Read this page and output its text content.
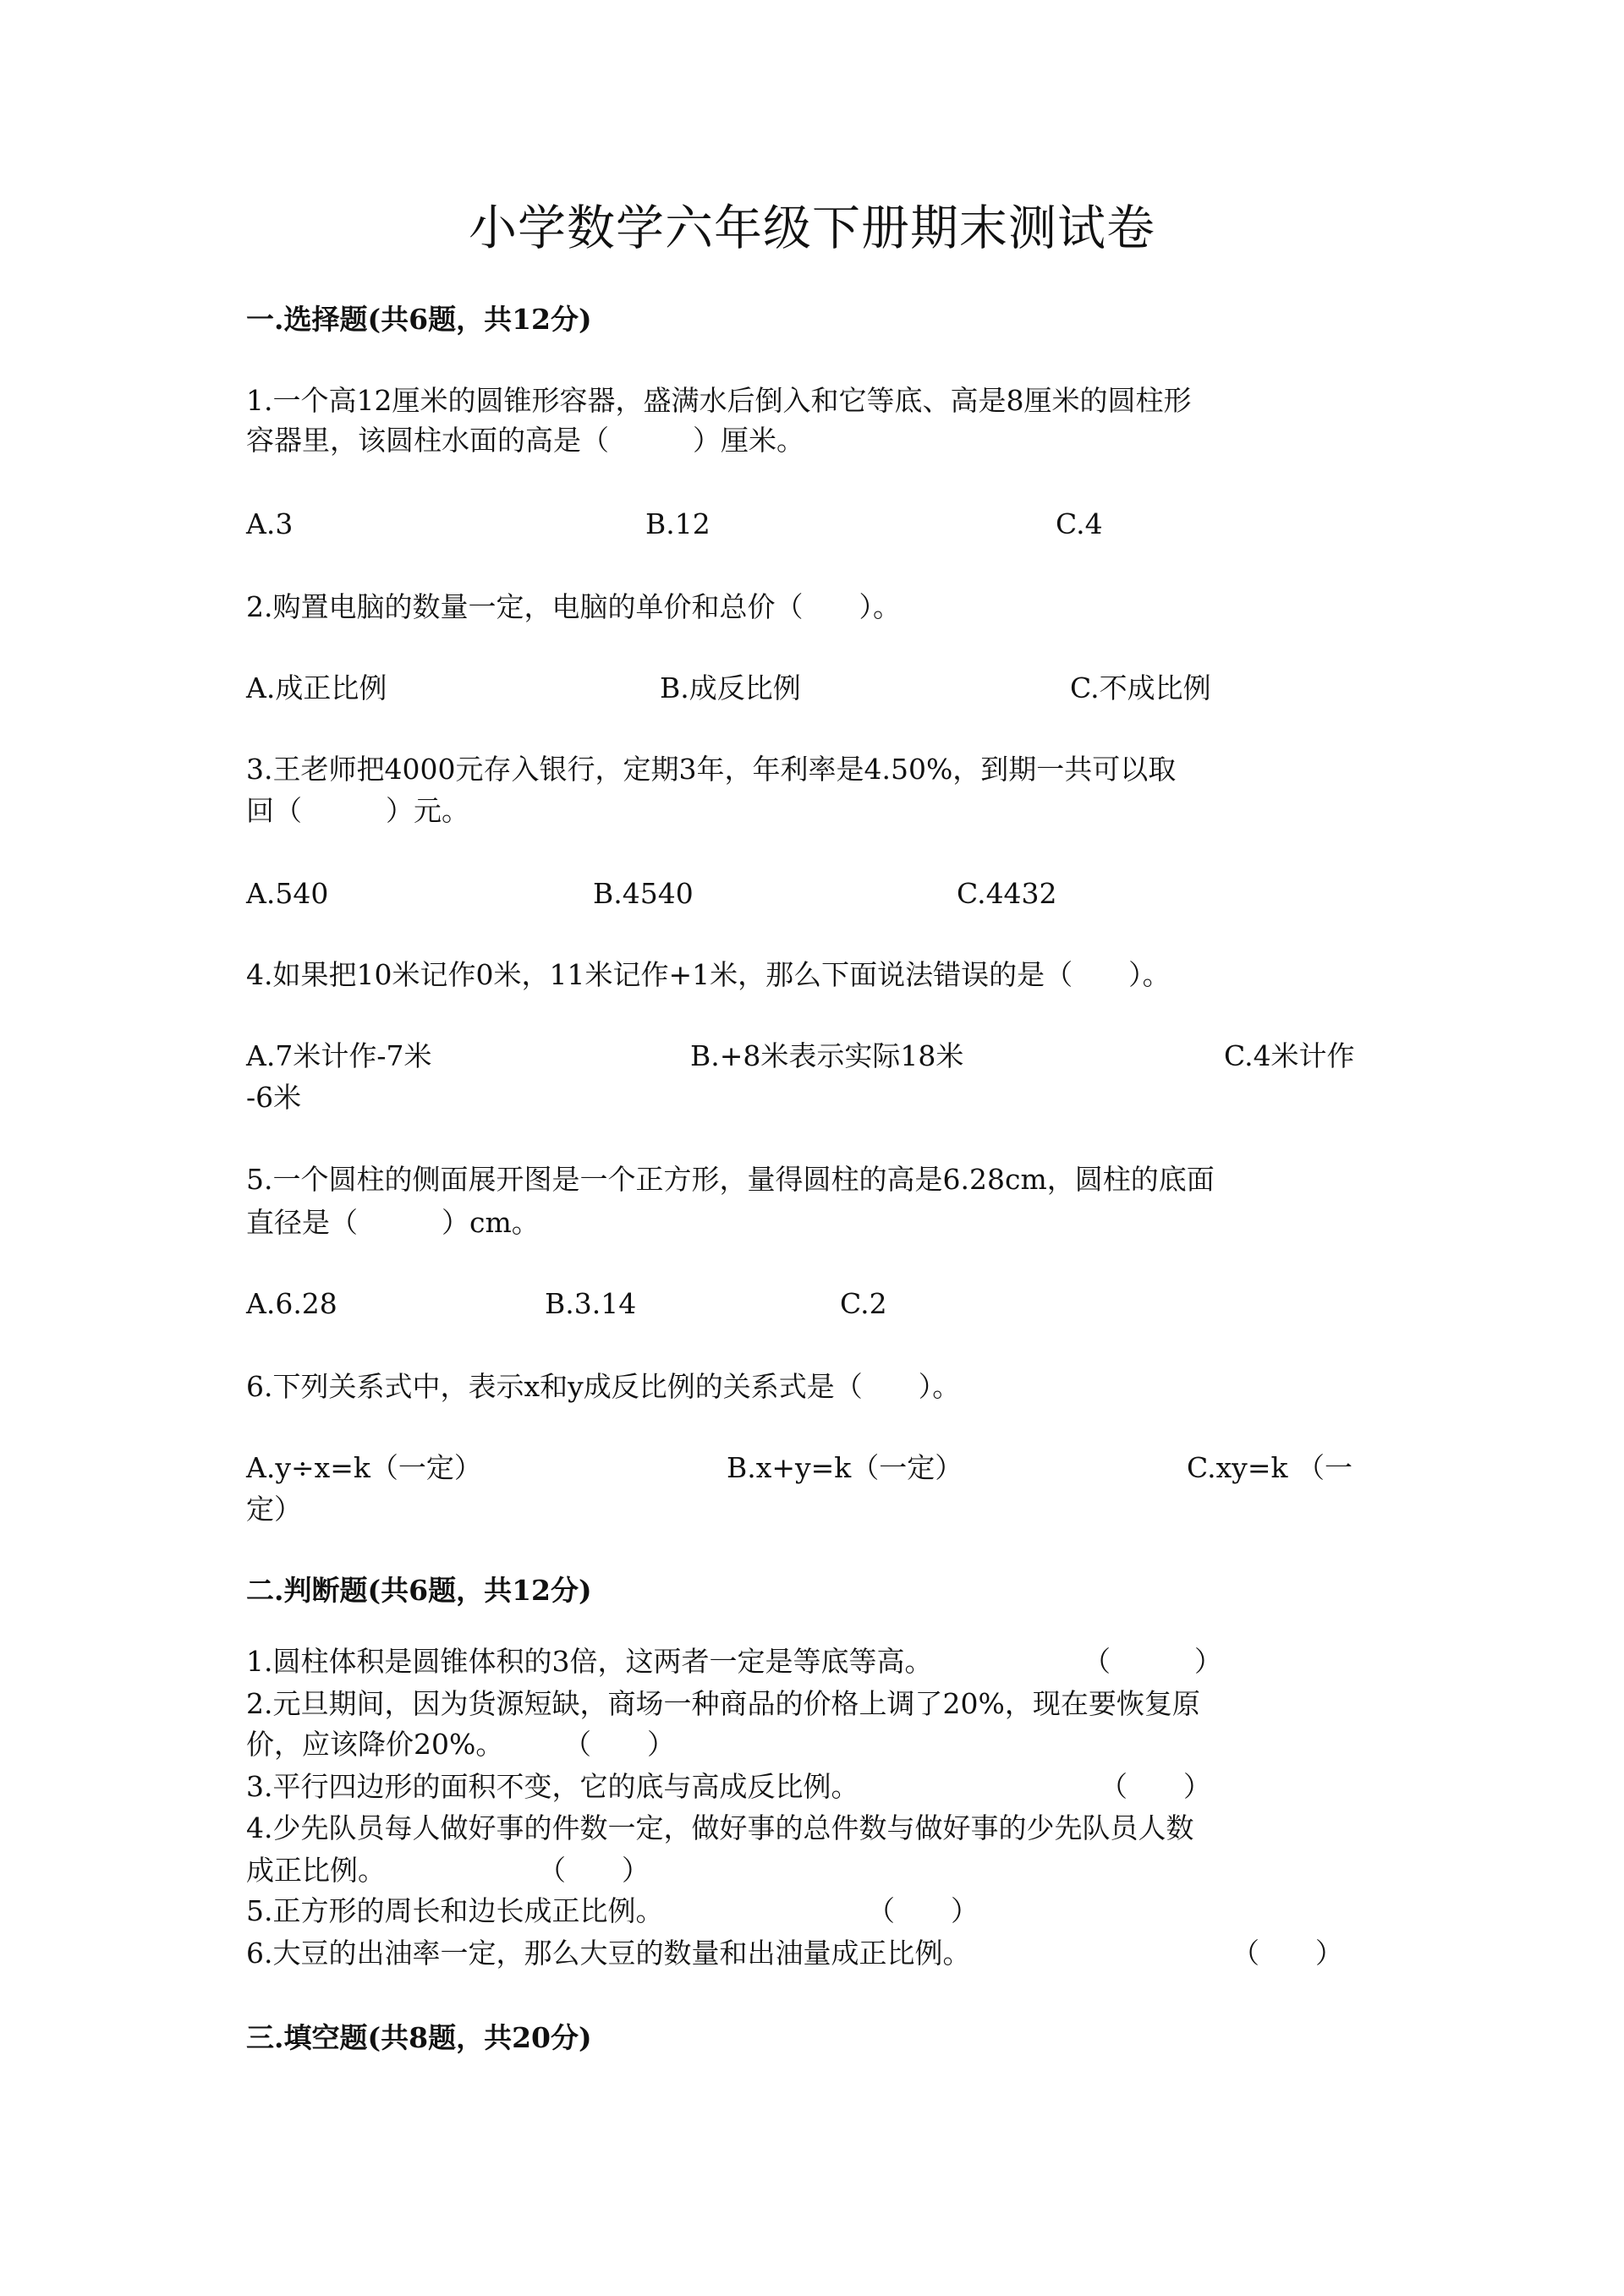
小学数学六年级下册期末测试卷
一.选择题(共6题，共12分)
1.一个高12厘米的圆锥形容器，盛满水后倒入和它等底、高是8厘米的圆柱形
容器里，该圆柱水面的高是（　　　）厘米。
A.3	B.12	C.4
2.购置电脑的数量一定，电脑的单价和总价（　　）。
A.成正比例	B.成反比例	C.不成比例
3.王老师把4000元存入银行，定期3年，年利率是4.50%，到期一共可以取
回（　　　）元。
A.540	B.4540	C.4432
4.如果把10米记作0米，11米记作+1米，那么下面说法错误的是（　　）。
A.7米计作-7米	B.+8米表示实际18米	C.4米计作
-6米
5.一个圆柱的侧面展开图是一个正方形，量得圆柱的高是6.28cm，圆柱的底面
直径是（　　　）cm。
A.6.28	B.3.14	C.2
6.下列关系式中，表示x和y成反比例的关系式是（　　）。
A.y÷x=k（一定）	B.x+y=k（一定）	C.xy=k （一
定）
二.判断题(共6题，共12分)
1.圆柱体积是圆锥体积的3倍，这两者一定是等底等高。	（　　　）
2.元旦期间，因为货源短缺，商场一种商品的价格上调了20%，现在要恢复原
价，应该降价20%。 （　　）
3.平行四边形的面积不变，它的底与高成反比例。	（　　）
4.少先队员每人做好事的件数一定，做好事的总件数与做好事的少先队员人数
成正比例。	（　　）
5.正方形的周长和边长成正比例。	（　　）
6.大豆的出油率一定，那么大豆的数量和出油量成正比例。	（　　）
三.填空题(共8题，共20分)
